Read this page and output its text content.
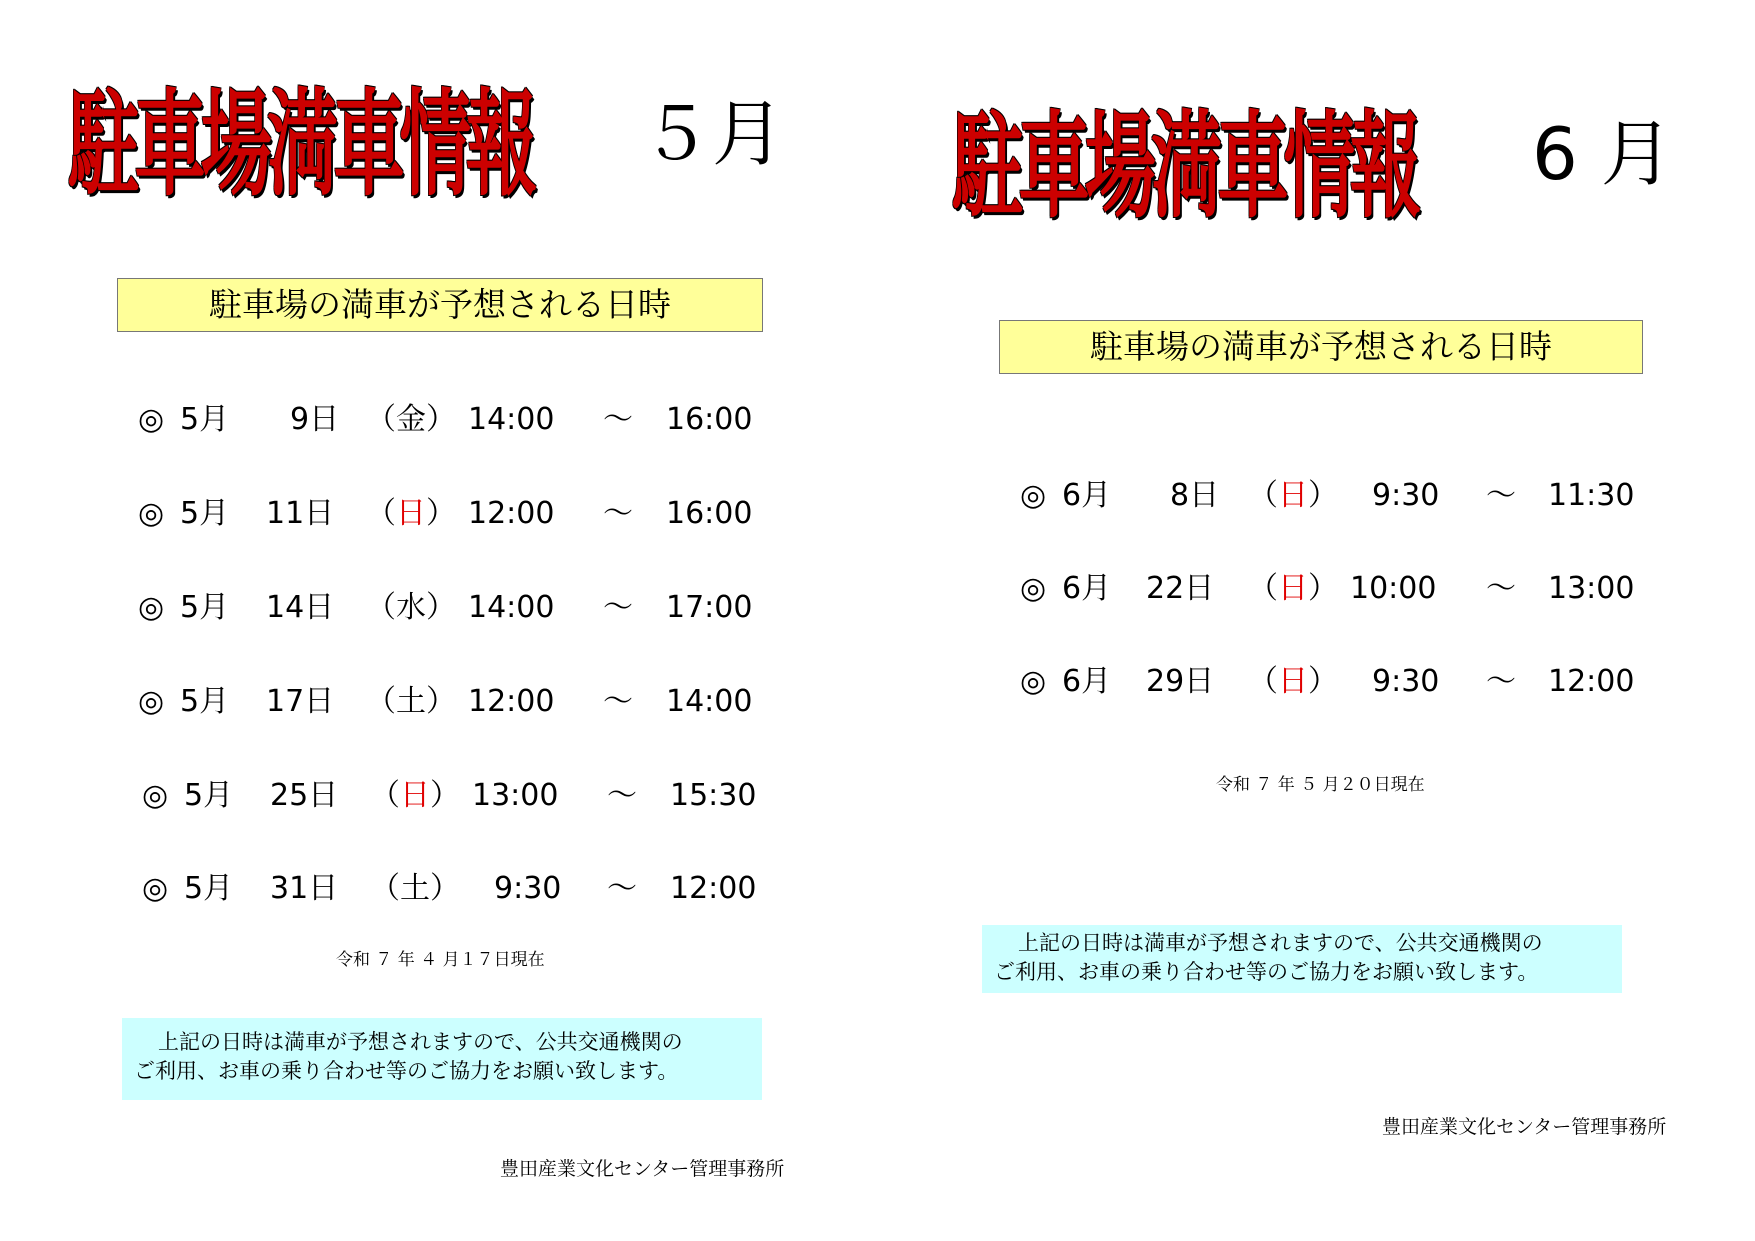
駐車場満車情報 ５月
駐車場の満車が予想される日時
◎ 5月 9日 （金） 14:00 〜 16:00
◎ 5月 11日 （日） 12:00 〜 16:00
◎ 5月 14日 （水） 14:00 〜 17:00
◎ 5月 17日 （土） 12:00 〜 14:00
◎ 5月 25日 （日） 13:00 〜 15:30
◎ 5月 31日 （土） 9:30 〜 12:00
令和 ７ 年 ４ 月１７日現在

上記の日時は満車が予想されますので、公共交通機関の

ご利用、お車の乗り合わせ等のご協力をお願い致します。

豊田産業文化センター管理事務所
駐車場満車情報 6 月
駐車場の満車が予想される日時
◎ 6月 8日 （日） 9:30 〜 11:30
◎ 6月 22日 （日） 10:00 〜 13:00
◎ 6月 29日 （日） 9:30 〜 12:00
令和 ７ 年 ５ 月２０日現在

上記の日時は満車が予想されますので、公共交通機関の

ご利用、お車の乗り合わせ等のご協力をお願い致します。

豊田産業文化センター管理事務所
